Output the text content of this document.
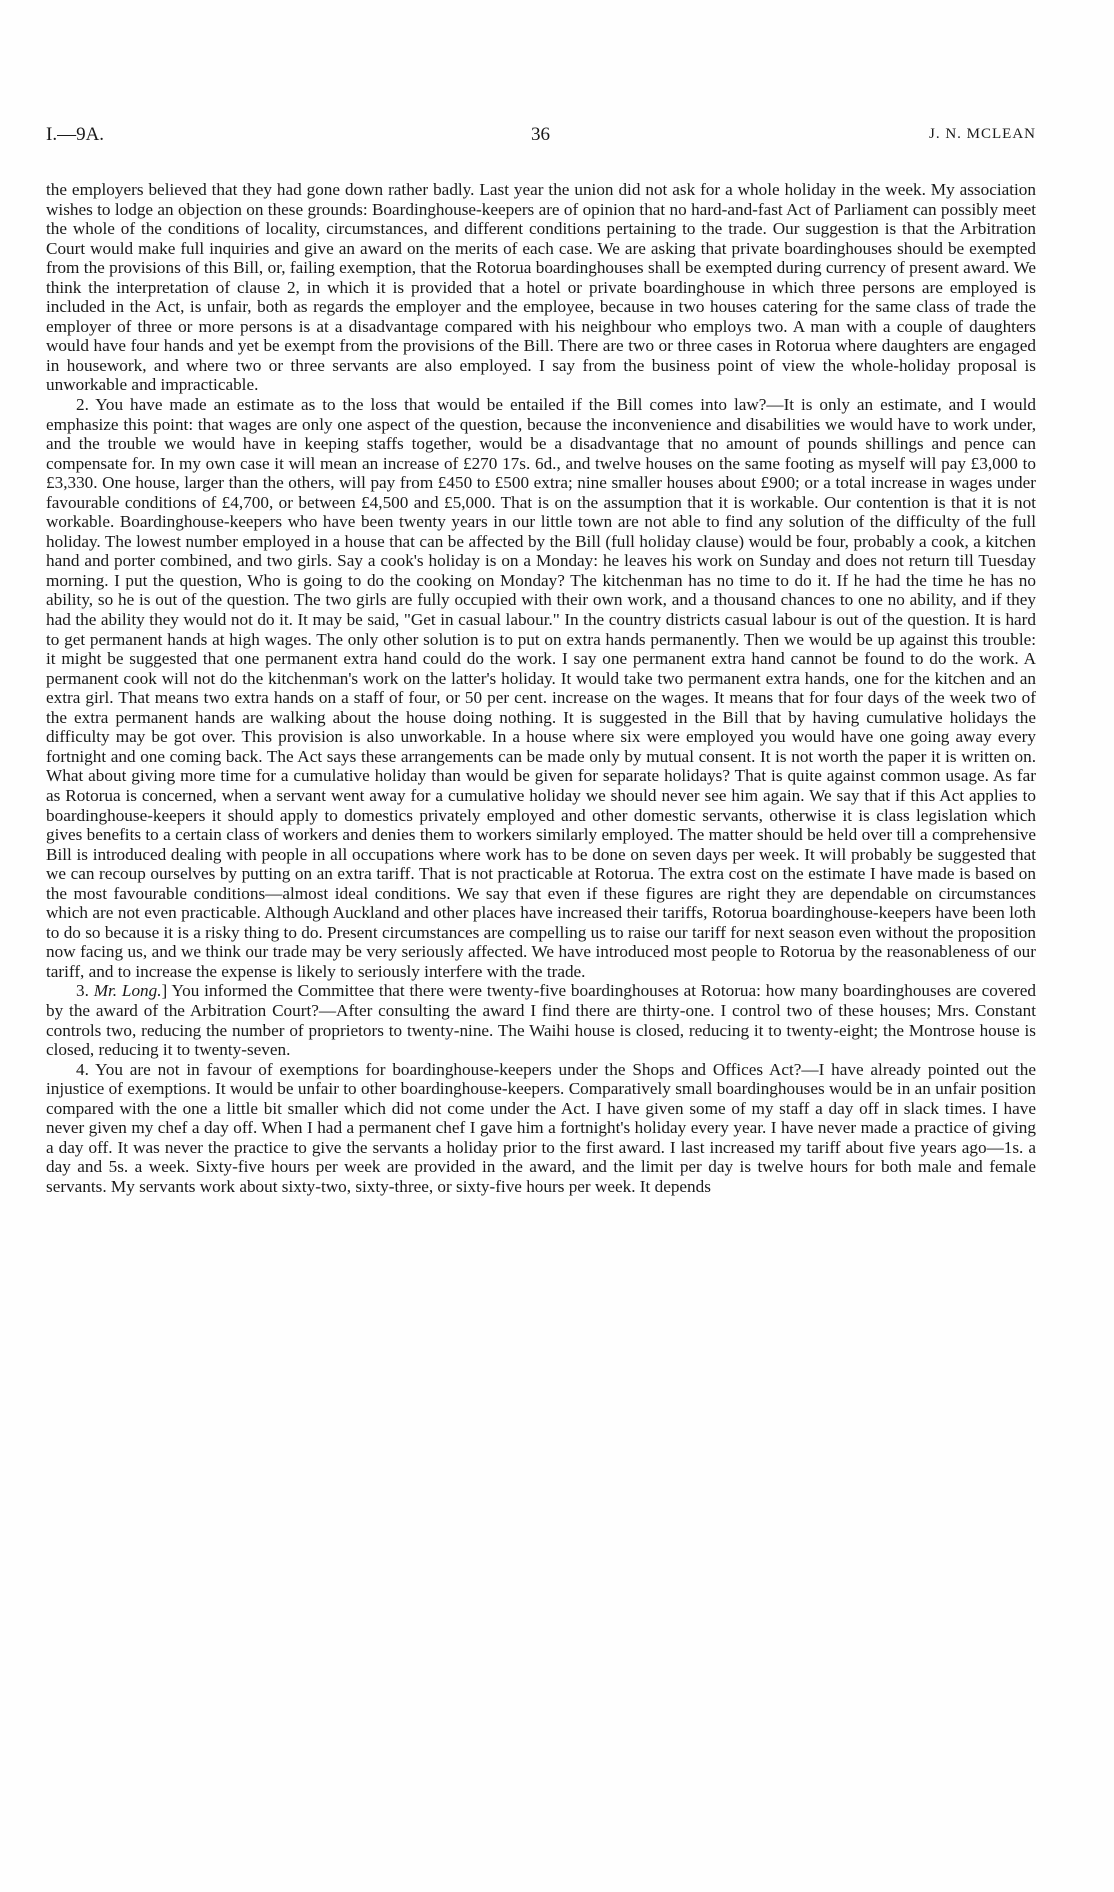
I.—9A.	36	J. N. MCLEAN

the employers believed that they had gone down rather badly. Last year the union did not ask for a whole holiday in the week. My association wishes to lodge an objection on these grounds: Boardinghouse-keepers are of opinion that no hard-and-fast Act of Parliament can possibly meet the whole of the conditions of locality, circumstances, and different conditions pertaining to the trade. Our suggestion is that the Arbitration Court would make full inquiries and give an award on the merits of each case. We are asking that private boardinghouses should be exempted from the provisions of this Bill, or, failing exemption, that the Rotorua boardinghouses shall be exempted during currency of present award. We think the interpretation of clause 2, in which it is provided that a hotel or private boardinghouse in which three persons are employed is included in the Act, is unfair, both as regards the employer and the employee, because in two houses catering for the same class of trade the employer of three or more persons is at a disadvantage compared with his neighbour who employs two. A man with a couple of daughters would have four hands and yet be exempt from the provisions of the Bill. There are two or three cases in Rotorua where daughters are engaged in housework, and where two or three servants are also employed. I say from the business point of view the whole-holiday proposal is unworkable and impracticable.

2. You have made an estimate as to the loss that would be entailed if the Bill comes into law?—It is only an estimate, and I would emphasize this point: that wages are only one aspect of the question, because the inconvenience and disabilities we would have to work under, and the trouble we would have in keeping staffs together, would be a disadvantage that no amount of pounds shillings and pence can compensate for. In my own case it will mean an increase of £270 17s. 6d., and twelve houses on the same footing as myself will pay £3,000 to £3,330. One house, larger than the others, will pay from £450 to £500 extra; nine smaller houses about £900; or a total increase in wages under favourable conditions of £4,700, or between £4,500 and £5,000. That is on the assumption that it is workable. Our contention is that it is not workable. Boardinghouse-keepers who have been twenty years in our little town are not able to find any solution of the difficulty of the full holiday. The lowest number employed in a house that can be affected by the Bill (full holiday clause) would be four, probably a cook, a kitchen hand and porter combined, and two girls. Say a cook's holiday is on a Monday: he leaves his work on Sunday and does not return till Tuesday morning. I put the question, Who is going to do the cooking on Monday? The kitchenman has no time to do it. If he had the time he has no ability, so he is out of the question. The two girls are fully occupied with their own work, and a thousand chances to one no ability, and if they had the ability they would not do it. It may be said, "Get in casual labour." In the country districts casual labour is out of the question. It is hard to get permanent hands at high wages. The only other solution is to put on extra hands permanently. Then we would be up against this trouble: it might be suggested that one permanent extra hand could do the work. I say one permanent extra hand cannot be found to do the work. A permanent cook will not do the kitchenman's work on the latter's holiday. It would take two permanent extra hands, one for the kitchen and an extra girl. That means two extra hands on a staff of four, or 50 per cent. increase on the wages. It means that for four days of the week two of the extra permanent hands are walking about the house doing nothing. It is suggested in the Bill that by having cumulative holidays the difficulty may be got over. This provision is also unworkable. In a house where six were employed you would have one going away every fortnight and one coming back. The Act says these arrangements can be made only by mutual consent. It is not worth the paper it is written on. What about giving more time for a cumulative holiday than would be given for separate holidays? That is quite against common usage. As far as Rotorua is concerned, when a servant went away for a cumulative holiday we should never see him again. We say that if this Act applies to boardinghouse-keepers it should apply to domestics privately employed and other domestic servants, otherwise it is class legislation which gives benefits to a certain class of workers and denies them to workers similarly employed. The matter should be held over till a comprehensive Bill is introduced dealing with people in all occupations where work has to be done on seven days per week. It will probably be suggested that we can recoup ourselves by putting on an extra tariff. That is not practicable at Rotorua. The extra cost on the estimate I have made is based on the most favourable conditions—almost ideal conditions. We say that even if these figures are right they are dependable on circumstances which are not even practicable. Although Auckland and other places have increased their tariffs, Rotorua boardinghouse-keepers have been loth to do so because it is a risky thing to do. Present circumstances are compelling us to raise our tariff for next season even without the proposition now facing us, and we think our trade may be very seriously affected. We have introduced most people to Rotorua by the reasonableness of our tariff, and to increase the expense is likely to seriously interfere with the trade.

3. Mr. Long.] You informed the Committee that there were twenty-five boardinghouses at Rotorua: how many boardinghouses are covered by the award of the Arbitration Court?—After consulting the award I find there are thirty-one. I control two of these houses; Mrs. Constant controls two, reducing the number of proprietors to twenty-nine. The Waihi house is closed, reducing it to twenty-eight; the Montrose house is closed, reducing it to twenty-seven.

4. You are not in favour of exemptions for boardinghouse-keepers under the Shops and Offices Act?—I have already pointed out the injustice of exemptions. It would be unfair to other boardinghouse-keepers. Comparatively small boardinghouses would be in an unfair position compared with the one a little bit smaller which did not come under the Act. I have given some of my staff a day off in slack times. I have never given my chef a day off. When I had a permanent chef I gave him a fortnight's holiday every year. I have never made a practice of giving a day off. It was never the practice to give the servants a holiday prior to the first award. I last increased my tariff about five years ago—1s. a day and 5s. a week. Sixty-five hours per week are provided in the award, and the limit per day is twelve hours for both male and female servants. My servants work about sixty-two, sixty-three, or sixty-five hours per week. It depends
